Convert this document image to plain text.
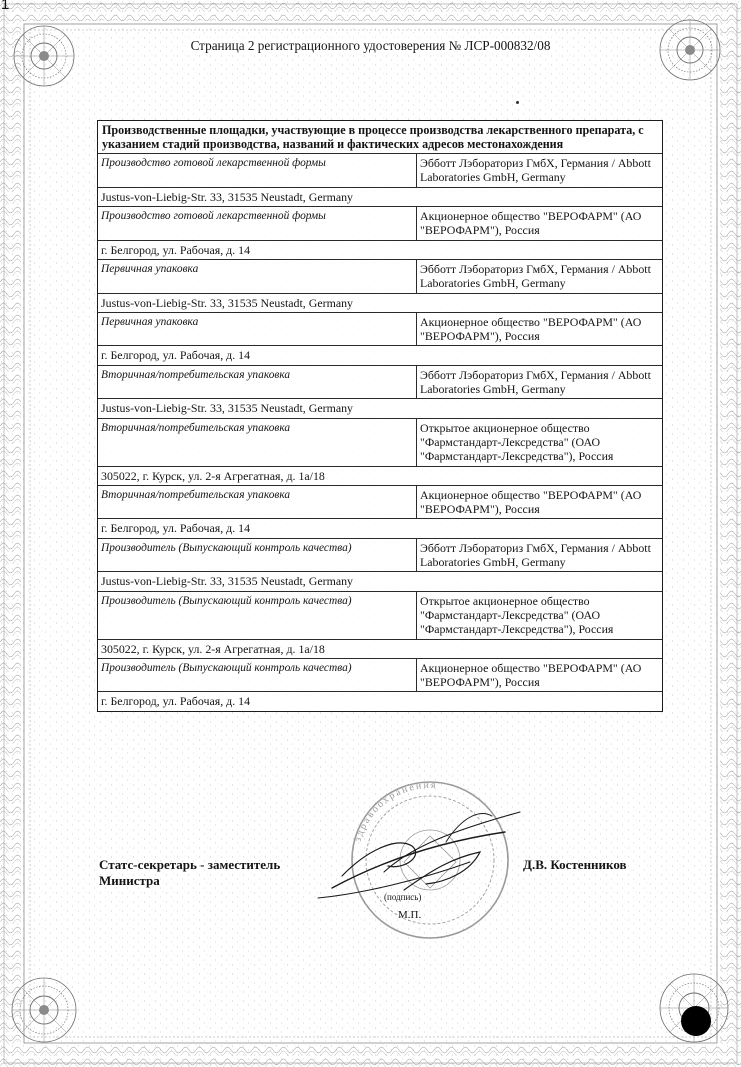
1
Страница 2 регистрационного удостоверения № ЛСР-000832/08
Производственные площадки, участвующие в процессе производства лекарственного препарата, с указанием стадий производства, названий и фактических адресов местонахождения
Производство готовой лекарственной формы	Эбботт Лэбораториз ГмбХ, Германия / Abbott Laboratories GmbH, Germany
Justus-von-Liebig-Str. 33, 31535 Neustadt, Germany
Производство готовой лекарственной формы	Акционерное общество "ВЕРОФАРМ" (АО "ВЕРОФАРМ"), Россия
г. Белгород, ул. Рабочая, д. 14
Первичная упаковка	Эбботт Лэбораториз ГмбХ, Германия / Abbott Laboratories GmbH, Germany
Justus-von-Liebig-Str. 33, 31535 Neustadt, Germany
Первичная упаковка	Акционерное общество "ВЕРОФАРМ" (АО "ВЕРОФАРМ"), Россия
г. Белгород, ул. Рабочая, д. 14
Вторичная/потребительская упаковка	Эбботт Лэбораториз ГмбХ, Германия / Abbott Laboratories GmbH, Germany
Justus-von-Liebig-Str. 33, 31535 Neustadt, Germany
Вторичная/потребительская упаковка	Открытое акционерное общество "Фармстандарт-Лексредства" (ОАО "Фармстандарт-Лексредства"), Россия
305022, г. Курск, ул. 2-я Агрегатная, д. 1а/18
Вторичная/потребительская упаковка	Акционерное общество "ВЕРОФАРМ" (АО "ВЕРОФАРМ"), Россия
г. Белгород, ул. Рабочая, д. 14
Производитель (Выпускающий контроль качества)	Эбботт Лэбораториз ГмбХ, Германия / Abbott Laboratories GmbH, Germany
Justus-von-Liebig-Str. 33, 31535 Neustadt, Germany
Производитель (Выпускающий контроль качества)	Открытое акционерное общество "Фармстандарт-Лексредства" (ОАО "Фармстандарт-Лексредства"), Россия
305022, г. Курск, ул. 2-я Агрегатная, д. 1а/18
Производитель (Выпускающий контроль качества)	Акционерное общество "ВЕРОФАРМ" (АО "ВЕРОФАРМ"), Россия
г. Белгород, ул. Рабочая, д. 14
Статс-секретарь - заместитель
Министра
Д.В. Костенников
здравоохранения
(подпись)
М.П.
